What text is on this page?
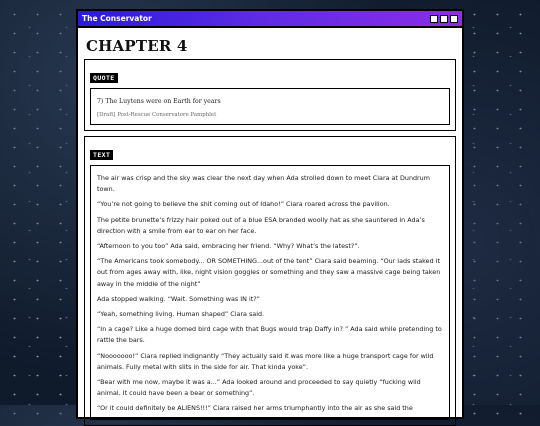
The Conservator
CHAPTER 4
QUOTE
7) The Luytens were on Earth for years
[Draft] Post-Rescue Conservatore Pamphlet
TEXT

The air was crisp and the sky was clear the next day when Ada strolled down to meet Ciara at Dundrum town.

“You’re not going to believe the shit coming out of Idaho!” Ciara roared across the pavilion.

The petite brunette’s frizzy hair poked out of a blue ESA branded woolly hat as she sauntered in Ada’s direction with a smile from ear to ear on her face.

“Afternoon to you too” Ada said, embracing her friend. “Why? What’s the latest?”.

“The Americans took somebody... OR SOMETHING...out of the tent” Ciara said beaming. “Our lads staked it out from ages away with, like, night vision goggles or something and they saw a massive cage being taken away in the middle of the night”

Ada stopped walking. “Wait. Something was IN it?”

“Yeah, something living. Human shaped” Ciara said.

“In a cage? Like a huge domed bird cage with that Bugs would trap Daffy in? ” Ada said while pretending to rattle the bars.

“Nooooooo!” Ciara replied indignantly “They actually said it was more like a huge transport cage for wild animals. Fully metal with slits in the side for air. That kinda yoke”.

“Bear with me now, maybe it was a...” Ada looked around and proceeded to say quietly “fucking wild animal. It could have been a bear or something”.

“Or it could definitely be ALIENS!!!” Ciara raised her arms triumphantly into the air as she said the
